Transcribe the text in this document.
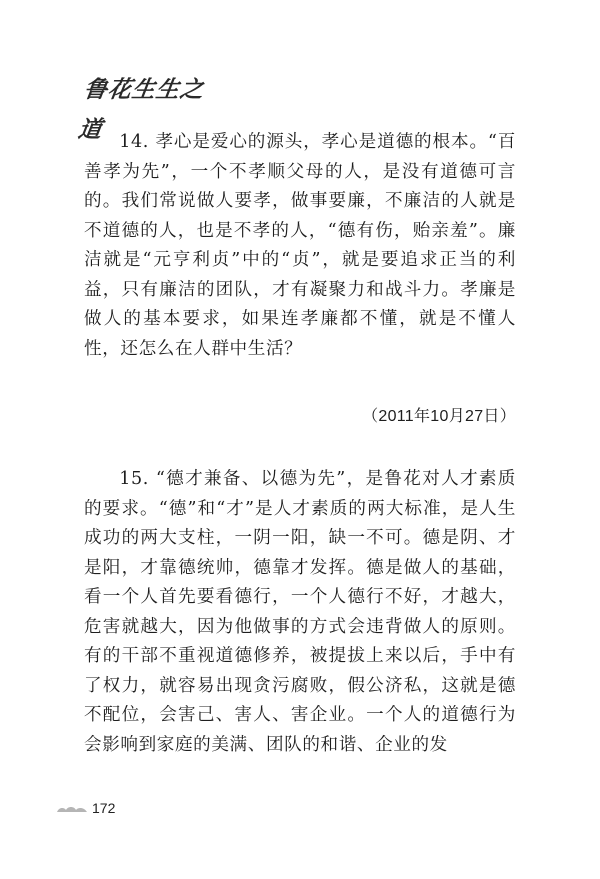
鲁花生生之道 14. 孝心是爱心的源头，孝心是道德的根本。“百善孝为先”，一个不孝顺父母的人，是没有道德可言的。我们常说做人要孝，做事要廉，不廉洁的人就是不道德的人，也是不孝的人，“德有伤，贻亲羞”。廉洁就是“元亨利贞”中的“贞”，就是要追求正当的利益，只有廉洁的团队，才有凝聚力和战斗力。孝廉是做人的基本要求，如果连孝廉都不懂，就是不懂人性，还怎么在人群中生活？

（2011年10月27日）

15. “德才兼备、以德为先”，是鲁花对人才素质的要求。“德”和“才”是人才素质的两大标准，是人生成功的两大支柱，一阴一阳，缺一不可。德是阴、才是阳，才靠德统帅，德靠才发挥。德是做人的基础，看一个人首先要看德行，一个人德行不好，才越大，危害就越大，因为他做事的方式会违背做人的原则。有的干部不重视道德修养，被提拔上来以后，手中有了权力，就容易出现贪污腐败，假公济私，这就是德不配位，会害己、害人、害企业。一个人的道德行为会影响到家庭的美满、团队的和谐、企业的发

172
